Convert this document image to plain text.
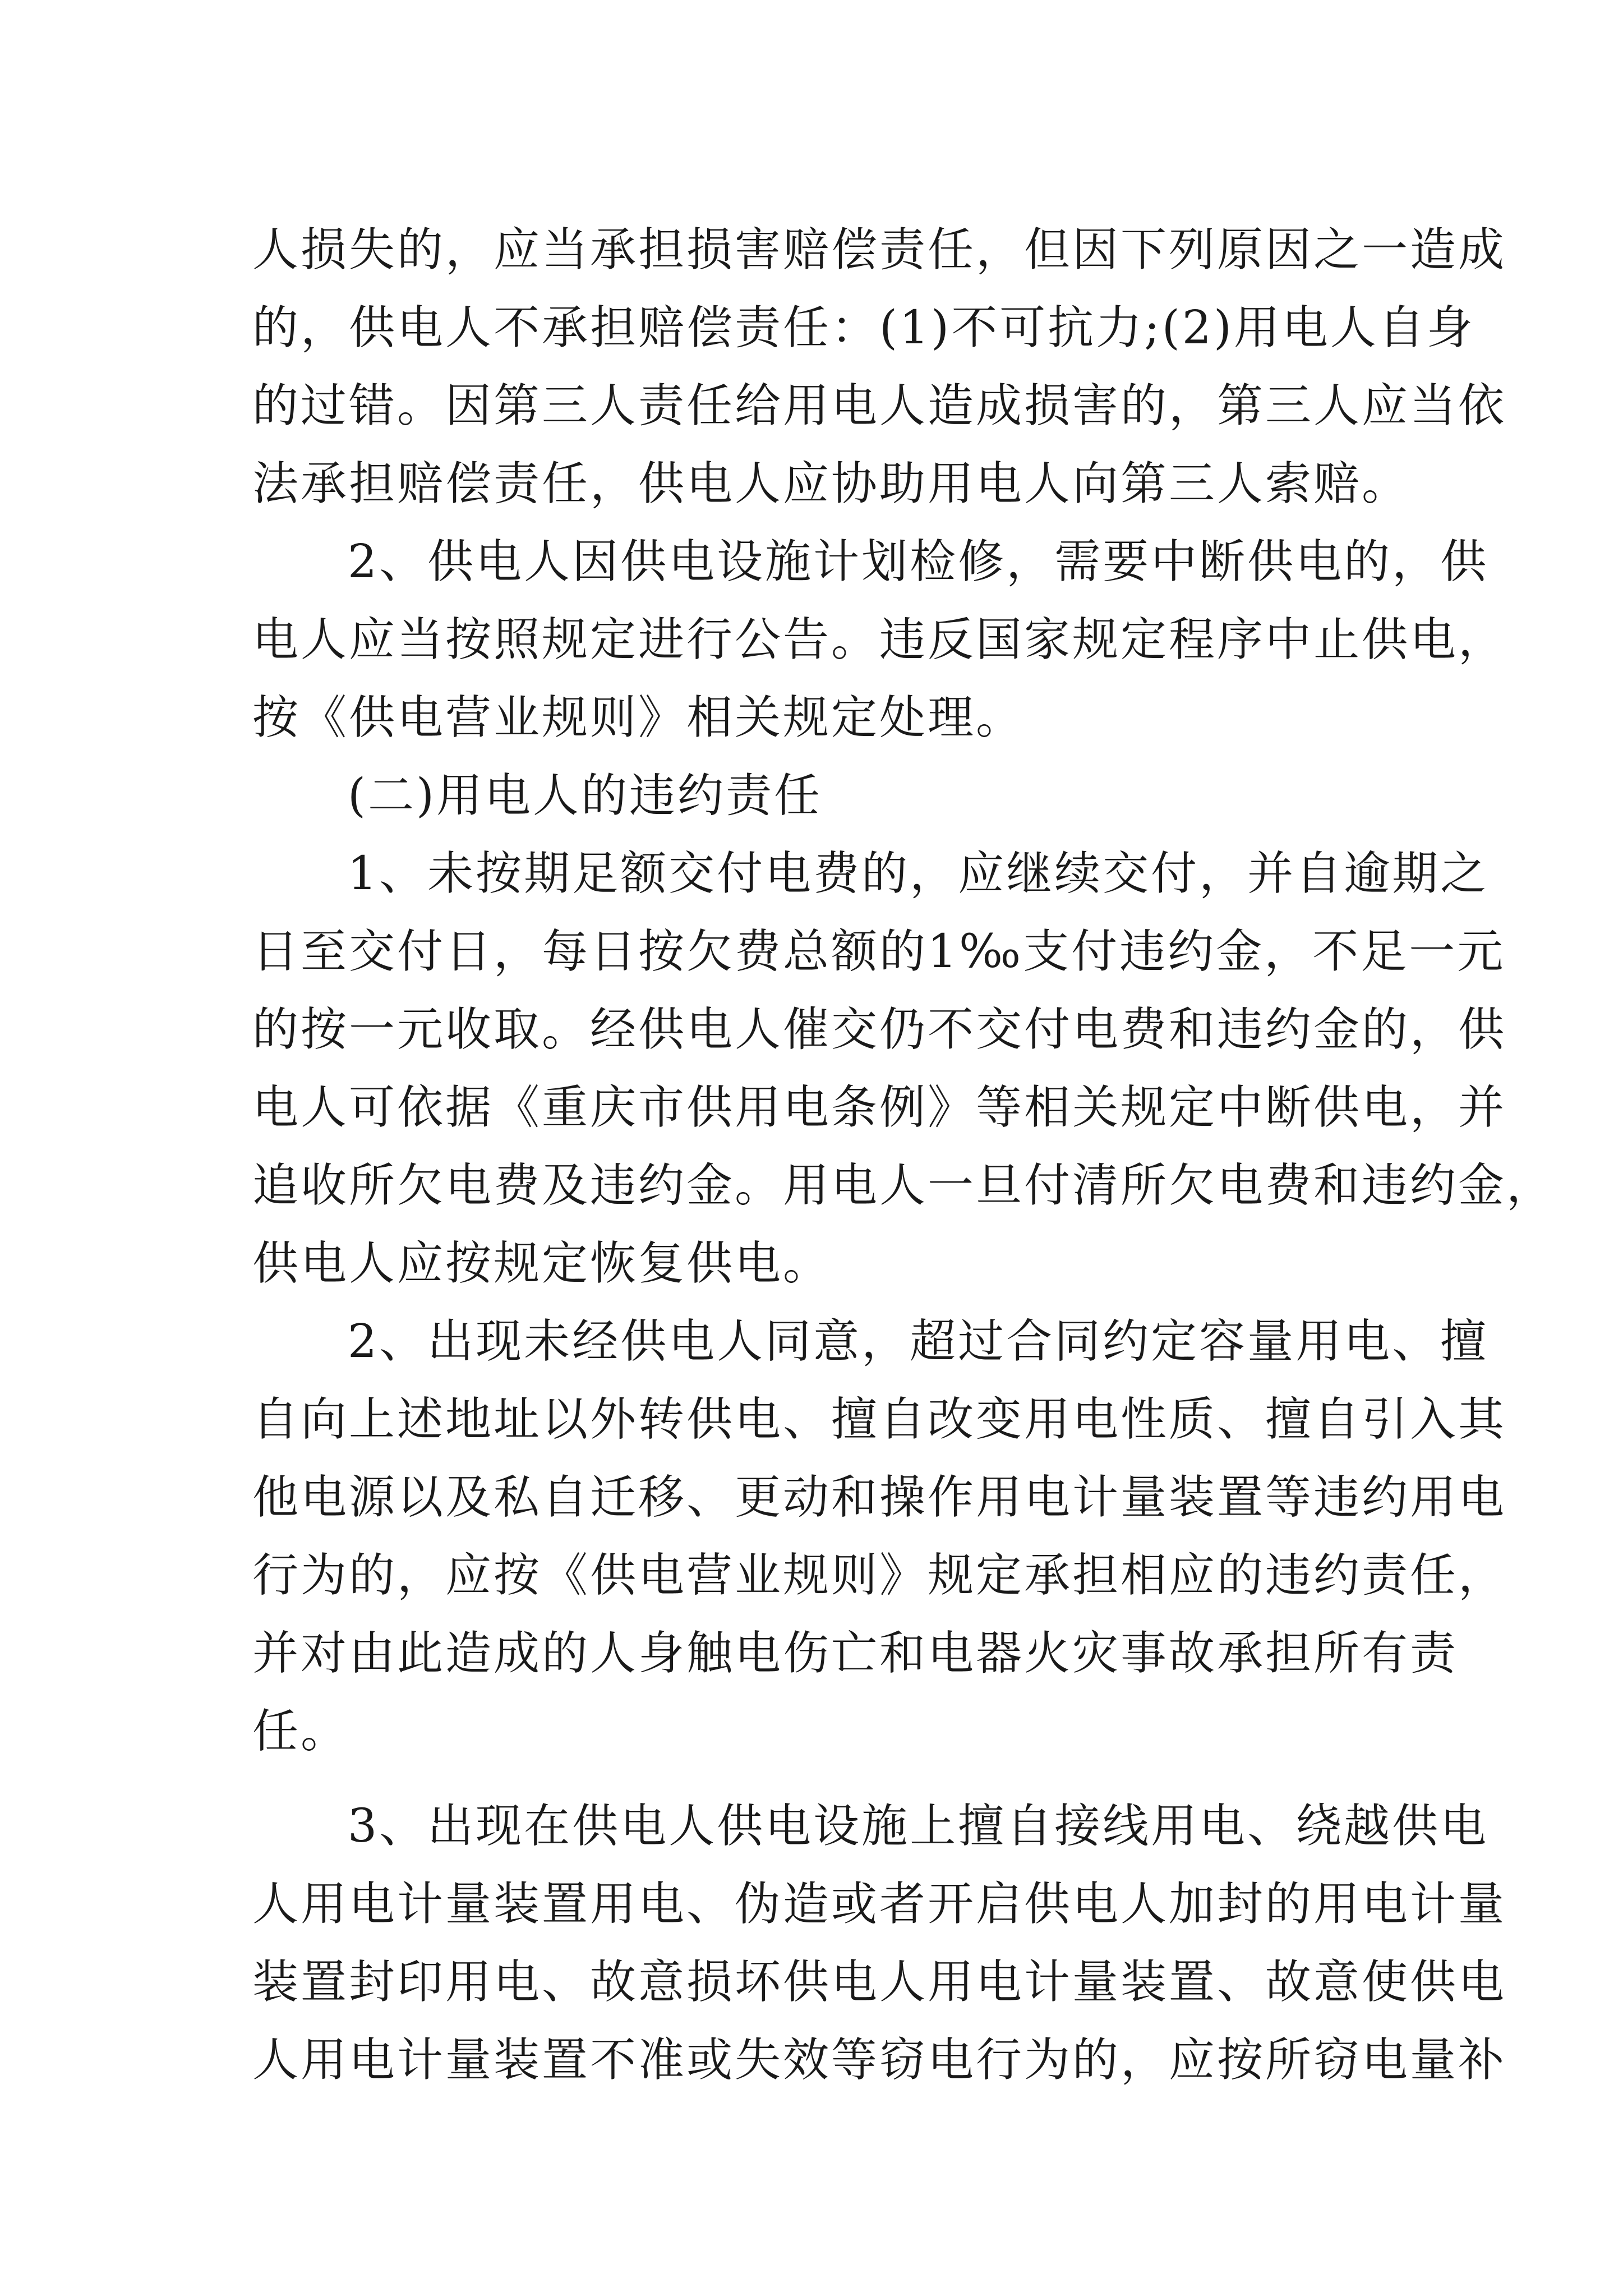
人损失的，应当承担损害赔偿责任，但因下列原因之一造成
的，供电人不承担赔偿责任：(1)不可抗力;(2)用电人自身
的过错。因第三人责任给用电人造成损害的，第三人应当依
法承担赔偿责任，供电人应协助用电人向第三人索赔。
2、供电人因供电设施计划检修，需要中断供电的，供
电人应当按照规定进行公告。违反国家规定程序中止供电，
按《供电营业规则》相关规定处理。
(二)用电人的违约责任
1、未按期足额交付电费的，应继续交付，并自逾期之
日至交付日，每日按欠费总额的1‰支付违约金，不足一元
的按一元收取。经供电人催交仍不交付电费和违约金的，供
电人可依据《重庆市供用电条例》等相关规定中断供电，并
追收所欠电费及违约金。用电人一旦付清所欠电费和违约金，
供电人应按规定恢复供电。
2、出现未经供电人同意，超过合同约定容量用电、擅
自向上述地址以外转供电、擅自改变用电性质、擅自引入其
他电源以及私自迁移、更动和操作用电计量装置等违约用电
行为的，应按《供电营业规则》规定承担相应的违约责任，
并对由此造成的人身触电伤亡和电器火灾事故承担所有责
任。
3、出现在供电人供电设施上擅自接线用电、绕越供电
人用电计量装置用电、伪造或者开启供电人加封的用电计量
装置封印用电、故意损坏供电人用电计量装置、故意使供电
人用电计量装置不准或失效等窃电行为的，应按所窃电量补
